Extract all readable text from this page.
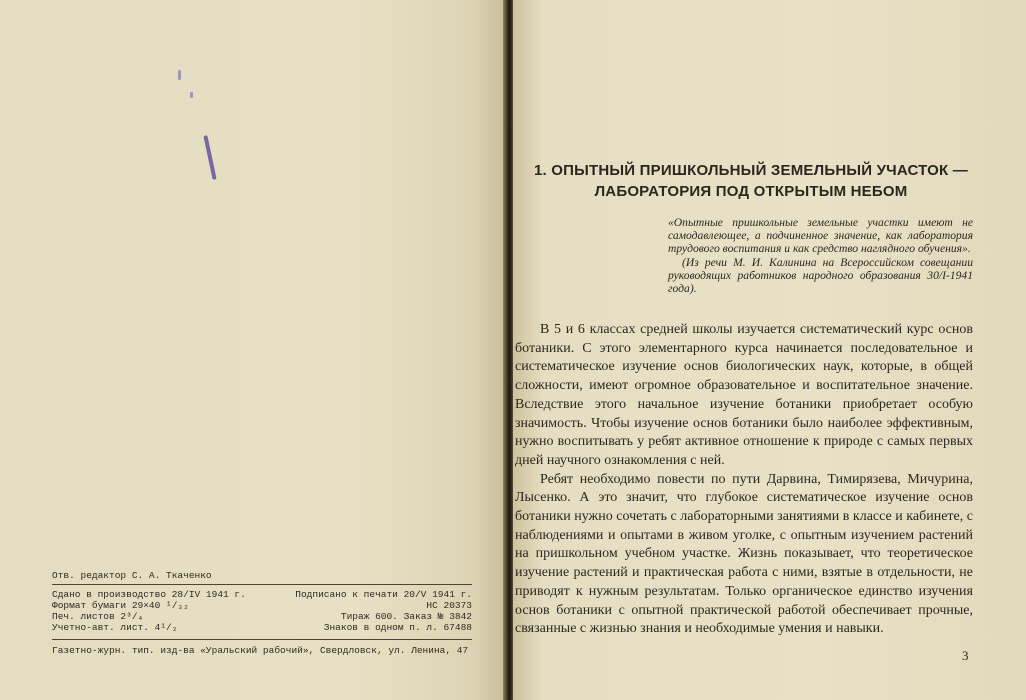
Отв. редактор С. А. Ткаченко
Сдано в производство 28/IV 1941 г.	Подписано к печати 20/V 1941 г.
Формат бумаги 29×40 ¹/₃₂	НС 20373
Печ. листов 2³/₄	Тираж 600. Заказ № 3842
Учетно-авт. лист. 4¹/₂	Знаков в одном п. л. 67488
Газетно-журн. тип. изд-ва «Уральский рабочий», Свердловск, ул. Ленина, 47
1. ОПЫТНЫЙ ПРИШКОЛЬНЫЙ ЗЕМЕЛЬНЫЙ УЧАСТОК —
ЛАБОРАТОРИЯ ПОД ОТКРЫТЫМ НЕБОМ
«Опытные пришкольные земельные участки имеют не самодавлеющее, а подчиненное значение, как лаборатория трудового воспитания и как средство наглядного обучения».
(Из речи М. И. Калинина на Всероссийском совещании руководящих работников народного образования 30/I-1941 года).

В 5 и 6 классах средней школы изучается систематический курс основ ботаники. С этого элементарного курса начинается последовательное и систематическое изучение основ биологических наук, которые, в общей сложности, имеют огромное образовательное и воспитательное значение. Вследствие этого начальное изучение ботаники приобретает особую значимость. Чтобы изучение основ ботаники было наиболее эффективным, нужно воспитывать у ребят активное отношение к природе с самых первых дней научного ознакомления с ней.

Ребят необходимо повести по пути Дарвина, Тимирязева, Мичурина, Лысенко. А это значит, что глубокое систематическое изучение основ ботаники нужно сочетать с лабораторными занятиями в классе и кабинете, с наблюдениями и опытами в живом уголке, с опытным изучением растений на пришкольном учебном участке. Жизнь показывает, что теоретическое изучение растений и практическая работа с ними, взятые в отдельности, не приводят к нужным результатам. Только органическое единство изучения основ ботаники с опытной практической работой обеспечивает прочные, связанные с жизнью знания и необходимые умения и навыки.

3
